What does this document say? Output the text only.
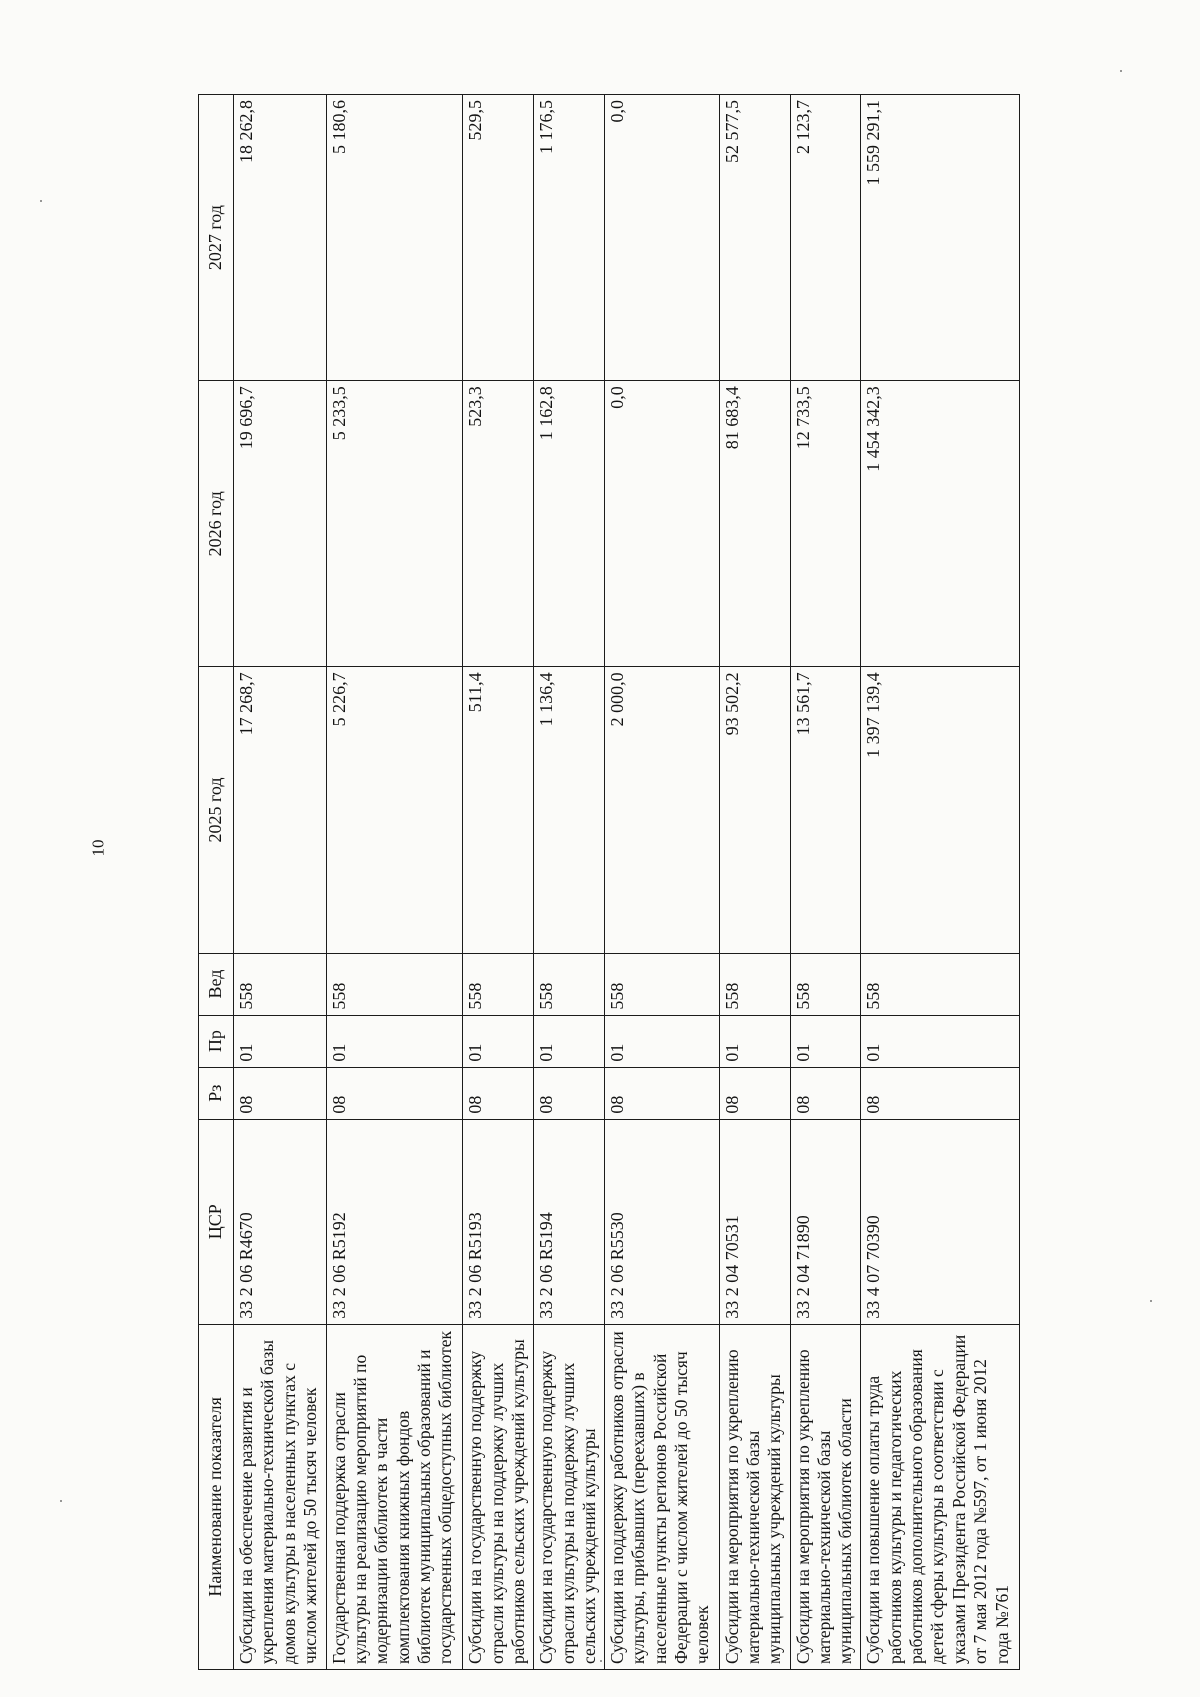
10
Наименование показателя	ЦСР	Рз	Пр	Вед	2025 год	2026 год	2027 год
Субсидии на обеспечение развития и укрепления материально-технической базы домов культуры в населенных пунктах с числом жителей до 50 тысяч человек	33 2 06 R4670	08	01	558	17 268,7	19 696,7	18 262,8
Государственная поддержка отрасли культуры на реализацию мероприятий по модернизации библиотек в части комплектования книжных фондов библиотек муниципальных образований и государственных общедоступных библиотек	33 2 06 R5192	08	01	558	5 226,7	5 233,5	5 180,6
Субсидии на государственную поддержку отрасли культуры на поддержку лучших работников сельских учреждений культуры	33 2 06 R5193	08	01	558	511,4	523,3	529,5
Субсидии на государственную поддержку отрасли культуры на поддержку лучших сельских учреждений культуры	33 2 06 R5194	08	01	558	1 136,4	1 162,8	1 176,5
Субсидии на поддержку работников отрасли культуры, прибывших (переехавших) в населенные пункты регионов Российской Федерации с числом жителей до 50 тысяч человек	33 2 06 R5530	08	01	558	2 000,0	0,0	0,0
Субсидии на мероприятия по укреплению материально-технической базы муниципальных учреждений культуры	33 2 04 70531	08	01	558	93 502,2	81 683,4	52 577,5
Субсидии на мероприятия по укреплению материально-технической базы муниципальных библиотек области	33 2 04 71890	08	01	558	13 561,7	12 733,5	2 123,7
Субсидии на повышение оплаты труда работников культуры и педагогических работников дополнительного образования детей сферы культуры в соответствии с указами Президента Российской Федерации от 7 мая 2012 года №597, от 1 июня 2012 года №761	33 4 07 70390	08	01	558	1 397 139,4	1 454 342,3	1 559 291,1
